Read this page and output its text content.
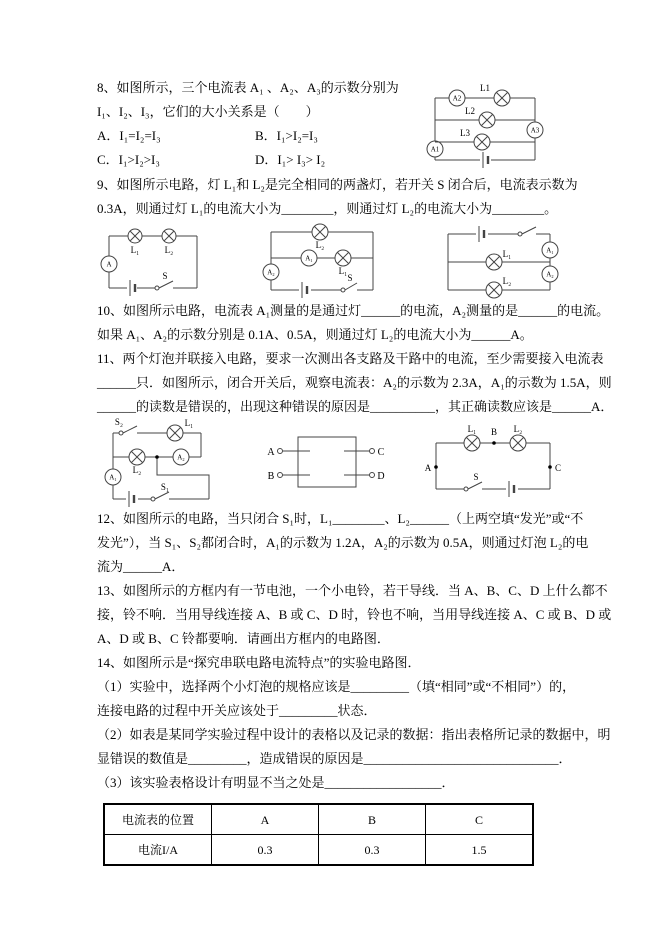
A2
L1
L2
L3	A3
A1
8、如图所示，三个电流表 A₁ 、A₂、A₃的示数分别为
I₁、I₂、I₃，它们的大小关系是（　　）
A．I₁=I₂=I₃	B．I₁>I₂=I₃
C．I₁>I₂>I₃	D．I₁> I₃> I₂
9、如图所示电路，灯 L₁和 L₂是完全相同的两盏灯，若开关 S 闭合后，电流表示数为
0.3A，则通过灯 L₁的电流大小为________，则通过灯 L₂的电流大小为________。
L₁	L₂
A
S
L₂
A₁
L₁
A₂
S
A₁
A₂
L₁
L₂
10、如图所示电路，电流表 A₁测量的是通过灯______的电流，A₂测量的是______的电流。
如果 A₁、A₂的示数分别是 0.1A、0.5A，则通过灯 L₂的电流大小为______A。
11、两个灯泡并联接入电路，要求一次测出各支路及干路中的电流，至少需要接入电流表
______只．如图所示，闭合开关后，观察电流表：A₂的示数为 2.3A，A₁的示数为 1.5A，则
______的读数是错误的，出现这种错误的原因是__________，其正确读数应该是______A．
S₂	L₁
L₂
A₂
A₁
S₁
A
B
C
D
L₁ B L₂
A	C
S
12、如图所示的电路，当只闭合 S₁时，L₁________、L₂______（上两空填“发光”或“不
发光”），当 S₁、S₂都闭合时，A₁的示数为 1.2A，A₂的示数为 0.5A，则通过灯泡 L₂的电
流为______A．
13、如图所示的方框内有一节电池，一个小电铃，若干导线．当 A、B、C、D 上什么都不
接，铃不响．当用导线连接 A、B 或 C、D 时，铃也不响，当用导线连接 A、C 或 B、D 或
A、D 或 B、C 铃都要响．请画出方框内的电路图．
14、如图所示是“探究串联电路电流特点”的实验电路图．
（1）实验中，选择两个小灯泡的规格应该是_________（填“相同”或“不相同”）的，
连接电路的过程中开关应该处于_________状态．
（2）如表是某同学实验过程中设计的表格以及记录的数据：指出表格所记录的数据中，明
显错误的数值是_________，造成错误的原因是______________________________．
（3）该实验表格设计有明显不当之处是__________________．
电流表的位置	A	B	C
电流I/A	0.3	0.3	1.5
